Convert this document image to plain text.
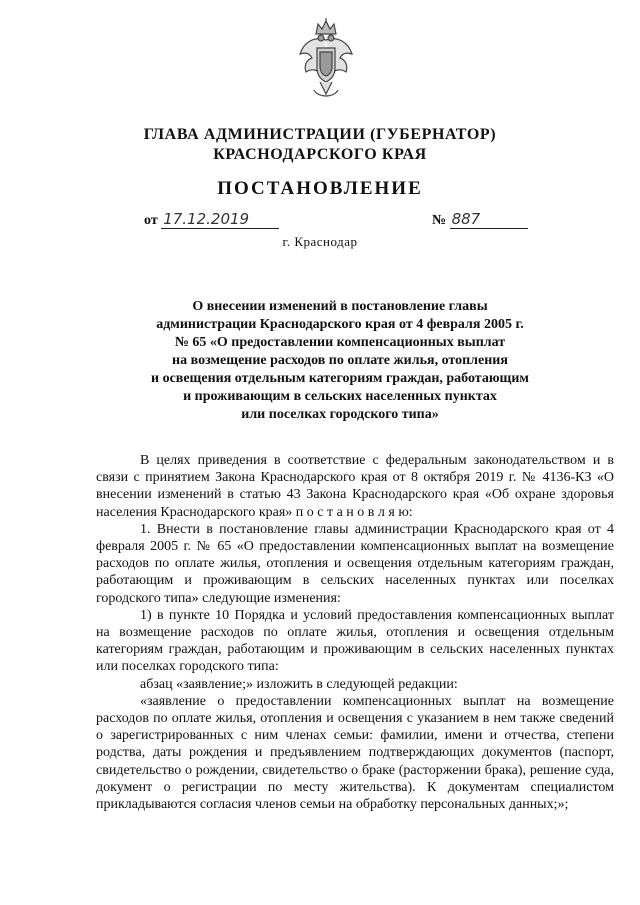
ГЛАВА АДМИНИСТРАЦИИ (ГУБЕРНАТОР)
КРАСНОДАРСКОГО КРАЯ
ПОСТАНОВЛЕНИЕ
от 17.12.2019	№ 887
г. Краснодар
О внесении изменений в постановление главы
администрации Краснодарского края от 4 февраля 2005 г.
№ 65 «О предоставлении компенсационных выплат
на возмещение расходов по оплате жилья, отопления
и освещения отдельным категориям граждан, работающим
и проживающим в сельских населенных пунктах
или поселках городского типа»

В целях приведения в соответствие с федеральным законодательством и в связи с принятием Закона Краснодарского края от 8 октября 2019 г. № 4136-КЗ «О внесении изменений в статью 43 Закона Краснодарского края «Об охране здоровья населения Краснодарского края» п о с т а н о в л я ю:

1. Внести в постановление главы администрации Краснодарского края от 4 февраля 2005 г. № 65 «О предоставлении компенсационных выплат на возмещение расходов по оплате жилья, отопления и освещения отдельным категориям граждан, работающим и проживающим в сельских населенных пунктах или поселках городского типа» следующие изменения:

1) в пункте 10 Порядка и условий предоставления компенсационных выплат на возмещение расходов по оплате жилья, отопления и освещения отдельным категориям граждан, работающим и проживающим в сельских населенных пунктах или поселках городского типа:

абзац «заявление;» изложить в следующей редакции:

«заявление о предоставлении компенсационных выплат на возмещение расходов по оплате жилья, отопления и освещения с указанием в нем также сведений о зарегистрированных с ним членах семьи: фамилии, имени и отчества, степени родства, даты рождения и предъявлением подтверждающих документов (паспорт, свидетельство о рождении, свидетельство о браке (расторжении брака), решение суда, документ о регистрации по месту жительства). К документам специалистом прикладываются согласия членов семьи на обработку персональных данных;»;
